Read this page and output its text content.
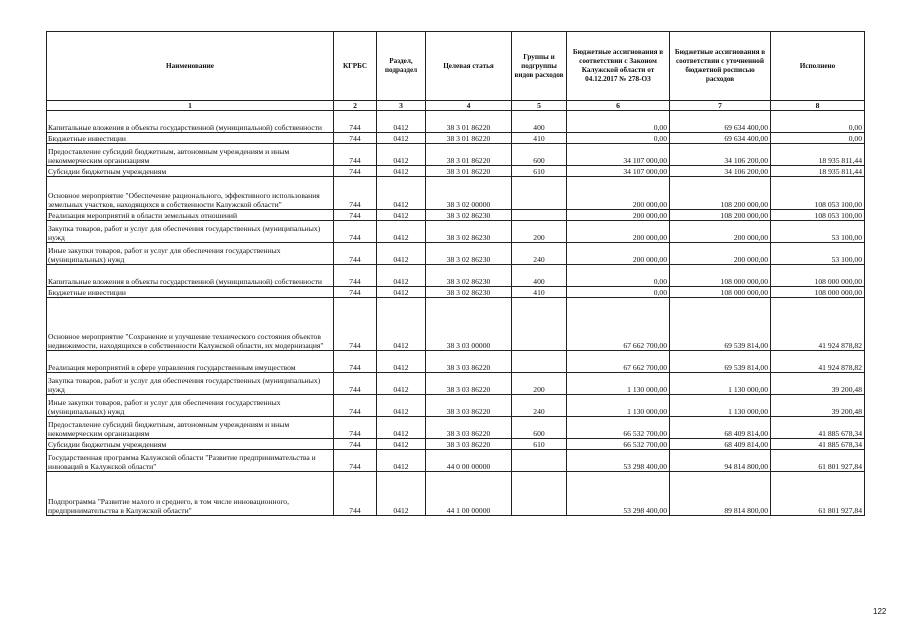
Наименование	КГРБС	Раздел, подраздел	Целевая статья	Группы и подгруппы видов расходов	Бюджетные ассигнования в соответствии с Законом Калужской области от 04.12.2017 № 278-ОЗ	Бюджетные ассигнования в соответствии с уточненной бюджетной росписью расходов	Исполнено
1	2	3	4	5	6	7	8
Капитальные вложения в объекты государственной (муниципальной) собственности	744	0412	38 3 01 86220	400	0,00	69 634 400,00	0,00
Бюджетные инвестиции	744	0412	38 3 01 86220	410	0,00	69 634 400,00	0,00
Предоставление субсидий бюджетным, автономным учреждениям и иным некоммерческим организациям	744	0412	38 3 01 86220	600	34 107 000,00	34 106 200,00	18 935 811,44
Субсидии бюджетным учреждениям	744	0412	38 3 01 86220	610	34 107 000,00	34 106 200,00	18 935 811,44
Основное мероприятие "Обеспечение рационального, эффективного использования земельных участков, находящихся в собственности Калужской области"	744	0412	38 3 02 00000		200 000,00	108 200 000,00	108 053 100,00
Реализация мероприятий в области земельных отношений	744	0412	38 3 02 86230		200 000,00	108 200 000,00	108 053 100,00
Закупка товаров, работ и услуг для обеспечения государственных (муниципальных) нужд	744	0412	38 3 02 86230	200	200 000,00	200 000,00	53 100,00
Иные закупки товаров, работ и услуг для обеспечения государственных (муниципальных) нужд	744	0412	38 3 02 86230	240	200 000,00	200 000,00	53 100,00
Капитальные вложения в объекты государственной (муниципальной) собственности	744	0412	38 3 02 86230	400	0,00	108 000 000,00	108 000 000,00
Бюджетные инвестиции	744	0412	38 3 02 86230	410	0,00	108 000 000,00	108 000 000,00
Основное мероприятие "Сохранение и улучшение технического состояния объектов недвижимости, находящихся в собственности Калужской области, их модернизация"	744	0412	38 3 03 00000		67 662 700,00	69 539 814,00	41 924 878,82
Реализация мероприятий в сфере управления государственным имуществом	744	0412	38 3 03 86220		67 662 700,00	69 539 814,00	41 924 878,82
Закупка товаров, работ и услуг для обеспечения государственных (муниципальных) нужд	744	0412	38 3 03 86220	200	1 130 000,00	1 130 000,00	39 200,48
Иные закупки товаров, работ и услуг для обеспечения государственных (муниципальных) нужд	744	0412	38 3 03 86220	240	1 130 000,00	1 130 000,00	39 200,48
Предоставление субсидий бюджетным, автономным учреждениям и иным некоммерческим организациям	744	0412	38 3 03 86220	600	66 532 700,00	68 409 814,00	41 885 678,34
Субсидии бюджетным учреждениям	744	0412	38 3 03 86220	610	66 532 700,00	68 409 814,00	41 885 678,34
Государственная программа Калужской области "Развитие предпринимательства и инноваций в Калужской области"	744	0412	44 0 00 00000		53 298 400,00	94 814 800,00	61 801 927,84
Подпрограмма "Развитие малого и среднего, в том числе инновационного, предпринимательства в Калужской области"	744	0412	44 1 00 00000		53 298 400,00	89 814 800,00	61 801 927,84
122
